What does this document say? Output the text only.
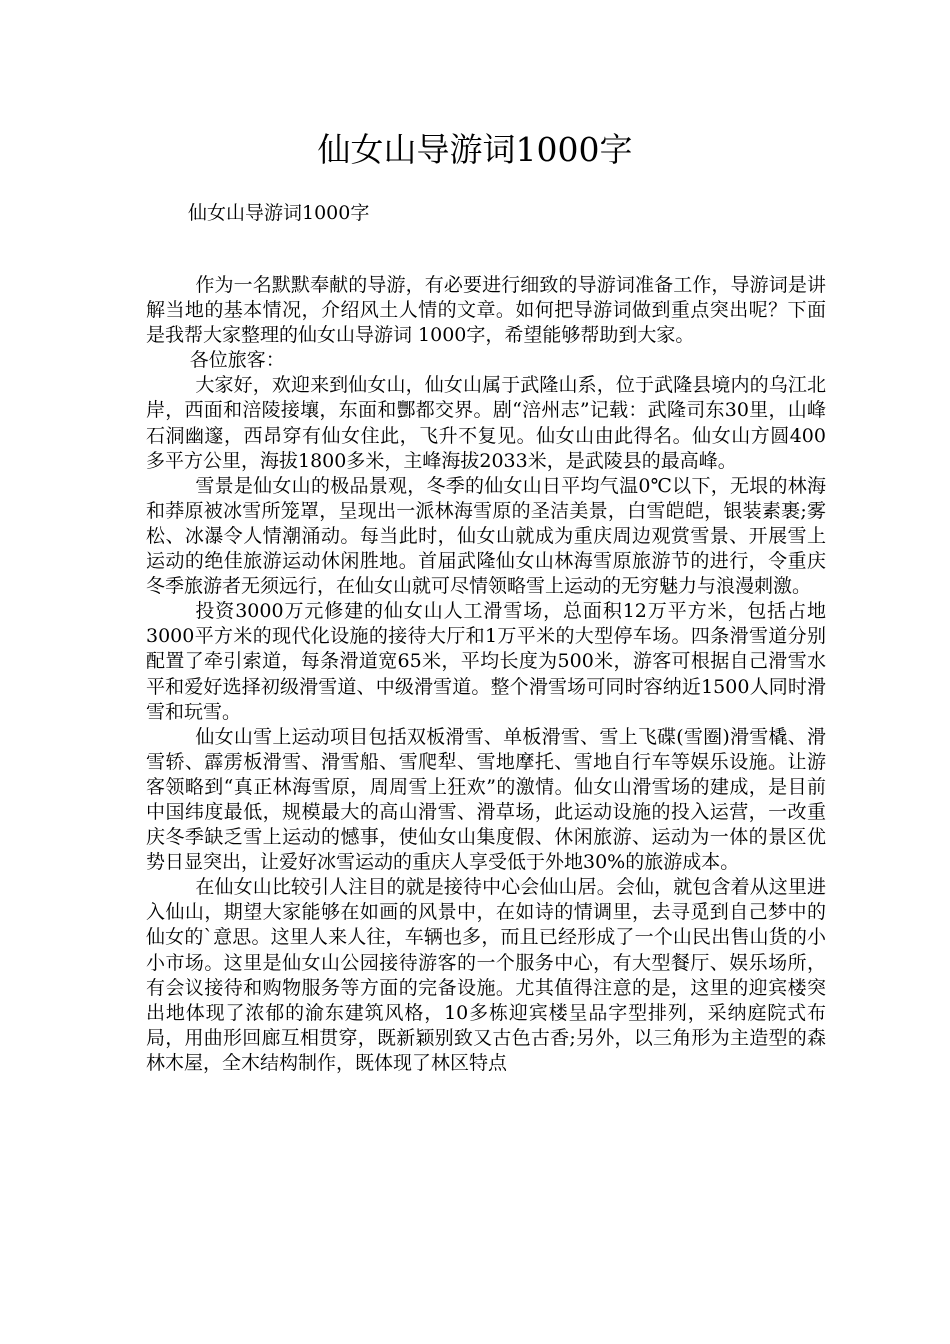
仙女山导游词1000字
仙女山导游词1000字

作为一名默默奉献的导游，有必要进行细致的导游词准备工作，导游词是讲解当地的基本情况，介绍风土人情的文章。如何把导游词做到重点突出呢？下面是我帮大家整理的仙女山导游词 1000字，希望能够帮助到大家。

各位旅客：

大家好，欢迎来到仙女山，仙女山属于武隆山系，位于武隆县境内的乌江北岸，西面和涪陵接壤，东面和酆都交界。剧“涪州志”记载：武隆司东30里，山峰石洞幽邃，西昂穿有仙女住此，飞升不复见。仙女山由此得名。仙女山方圆400多平方公里，海拔1800多米，主峰海拔2033米，是武陵县的最高峰。

雪景是仙女山的极品景观，冬季的仙女山日平均气温0℃以下，无垠的林海和莽原被冰雪所笼罩，呈现出一派林海雪原的圣洁美景，白雪皑皑，银装素裹;雾松、冰瀑令人情潮涌动。每当此时，仙女山就成为重庆周边观赏雪景、开展雪上运动的绝佳旅游运动休闲胜地。首届武隆仙女山林海雪原旅游节的进行，令重庆冬季旅游者无须远行，在仙女山就可尽情领略雪上运动的无穷魅力与浪漫刺激。

投资3000万元修建的仙女山人工滑雪场，总面积12万平方米，包括占地3000平方米的现代化设施的接待大厅和1万平米的大型停车场。四条滑雪道分别配置了牵引索道，每条滑道宽65米，平均长度为500米，游客可根据自己滑雪水平和爱好选择初级滑雪道、中级滑雪道。整个滑雪场可同时容纳近1500人同时滑雪和玩雪。

仙女山雪上运动项目包括双板滑雪、单板滑雪、雪上飞碟(雪圈)滑雪橇、滑雪轿、霹雳板滑雪、滑雪船、雪爬犁、雪地摩托、雪地自行车等娱乐设施。让游客领略到“真正林海雪原，周周雪上狂欢”的激情。仙女山滑雪场的建成，是目前中国纬度最低，规模最大的高山滑雪、滑草场，此运动设施的投入运营，一改重庆冬季缺乏雪上运动的憾事，使仙女山集度假、休闲旅游、运动为一体的景区优势日显突出，让爱好冰雪运动的重庆人享受低于外地30%的旅游成本。

在仙女山比较引人注目的就是接待中心会仙山居。会仙，就包含着从这里进入仙山，期望大家能够在如画的风景中，在如诗的情调里，去寻觅到自己梦中的仙女的`意思。这里人来人往，车辆也多，而且已经形成了一个山民出售山货的小小市场。这里是仙女山公园接待游客的一个服务中心，有大型餐厅、娱乐场所，有会议接待和购物服务等方面的完备设施。尤其值得注意的是，这里的迎宾楼突出地体现了浓郁的渝东建筑风格，10多栋迎宾楼呈品字型排列，采纳庭院式布局，用曲形回廊互相贯穿，既新颖别致又古色古香;另外，以三角形为主造型的森林木屋，全木结构制作，既体现了林区特点
